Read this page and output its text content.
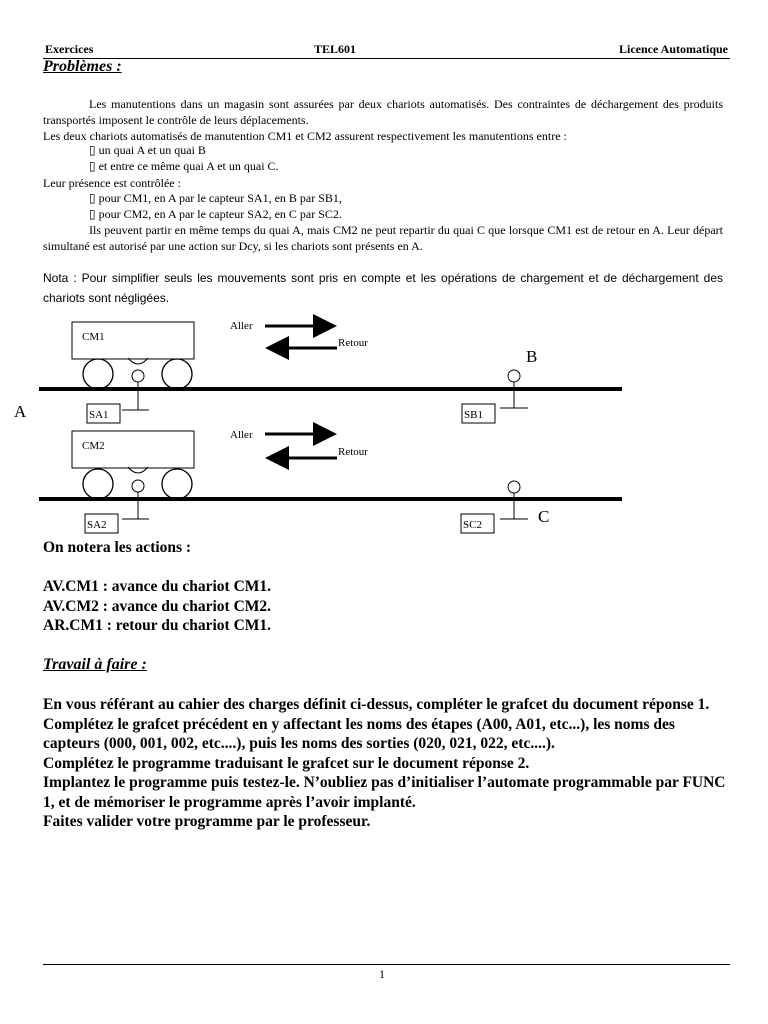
Exercices	TEL601	Licence Automatique
Problèmes :
Les manutentions dans un magasin sont assurées par deux chariots automatisés. Des contraintes de déchargement des produits transportés imposent le contrôle de leurs déplacements.
Les deux chariots automatisés de manutention CM1 et CM2 assurent respectivement les manutentions entre :
▯ un quai A et un quai B
▯ et entre ce même quai A et un quai C.
Leur présence est contrôlée :
▯ pour CM1, en A par le capteur SA1, en B par SB1,
▯ pour CM2, en A par le capteur SA2, en C par SC2.
Ils peuvent partir en même temps du quai A, mais CM2 ne peut repartir du quai C que lorsque CM1 est de retour en A. Leur départ simultané est autorisé par une action sur Dcy, si les chariots sont présents en A.
Nota : Pour simplifier seuls les mouvements sont pris en compte et les opérations de chargement et de déchargement des chariots sont négligées.
CM1
SA1	SB1
Aller
Retour
B
A
CM2
SA2	SC2
Aller
Retour
C
On notera les actions :
AV.CM1 : avance du chariot CM1.
AV.CM2 : avance du chariot CM2.
AR.CM1 : retour du chariot CM1.
Travail à faire :
En vous référant au cahier des charges définit ci-dessus, compléter le grafcet du document réponse 1.
Complétez le grafcet précédent en y affectant les noms des étapes (A00, A01, etc...), les noms des capteurs (000, 001, 002, etc....), puis les noms des sorties (020, 021, 022, etc....).
Complétez le programme traduisant le grafcet sur le document réponse 2.
Implantez le programme puis testez-le. N’oubliez pas d’initialiser l’automate programmable par FUNC 1, et de mémoriser le programme après l’avoir implanté.
Faites valider votre programme par le professeur.
1
